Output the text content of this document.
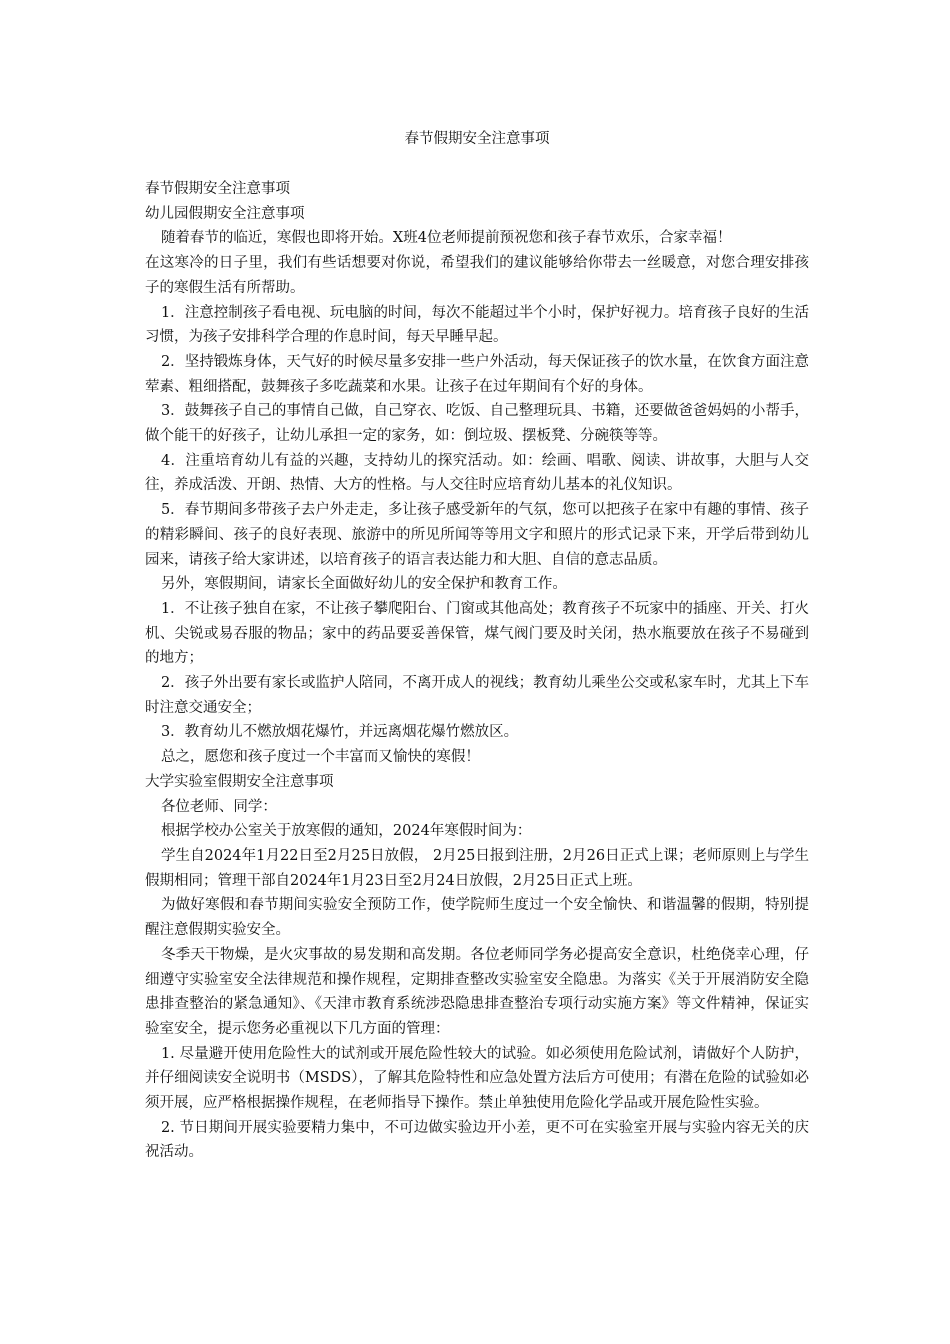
春节假期安全注意事项

春节假期安全注意事项

幼儿园假期安全注意事项

随着春节的临近，寒假也即将开始。X班4位老师提前预祝您和孩子春节欢乐，合家幸福！

在这寒冷的日子里，我们有些话想要对你说，希望我们的建议能够给你带去一丝暖意，对您合理安排孩子的寒假生活有所帮助。

1．注意控制孩子看电视、玩电脑的时间，每次不能超过半个小时，保护好视力。培育孩子良好的生活习惯，为孩子安排科学合理的作息时间，每天早睡早起。

2．坚持锻炼身体，天气好的时候尽量多安排一些户外活动，每天保证孩子的饮水量，在饮食方面注意荤素、粗细搭配，鼓舞孩子多吃蔬菜和水果。让孩子在过年期间有个好的身体。

3．鼓舞孩子自己的事情自己做，自己穿衣、吃饭、自己整理玩具、书籍，还要做爸爸妈妈的小帮手，做个能干的好孩子，让幼儿承担一定的家务，如：倒垃圾、摆板凳、分碗筷等等。

4．注重培育幼儿有益的兴趣，支持幼儿的探究活动。如：绘画、唱歌、阅读、讲故事，大胆与人交往，养成活泼、开朗、热情、大方的性格。与人交往时应培育幼儿基本的礼仪知识。

5．春节期间多带孩子去户外走走，多让孩子感受新年的气氛，您可以把孩子在家中有趣的事情、孩子的精彩瞬间、孩子的良好表现、旅游中的所见所闻等等用文字和照片的形式记录下来，开学后带到幼儿园来，请孩子给大家讲述，以培育孩子的语言表达能力和大胆、自信的意志品质。

另外，寒假期间，请家长全面做好幼儿的安全保护和教育工作。

1．不让孩子独自在家，不让孩子攀爬阳台、门窗或其他高处；教育孩子不玩家中的插座、开关、打火机、尖锐或易吞服的物品；家中的药品要妥善保管，煤气阀门要及时关闭，热水瓶要放在孩子不易碰到的地方；

2．孩子外出要有家长或监护人陪同，不离开成人的视线；教育幼儿乘坐公交或私家车时，尤其上下车时注意交通安全；

3．教育幼儿不燃放烟花爆竹，并远离烟花爆竹燃放区。

总之，愿您和孩子度过一个丰富而又愉快的寒假！

大学实验室假期安全注意事项

各位老师、同学：

根据学校办公室关于放寒假的通知，2024年寒假时间为：

学生自2024年1月22日至2月25日放假， 2月25日报到注册，2月26日正式上课；老师原则上与学生假期相同；管理干部自2024年1月23日至2月24日放假，2月25日正式上班。

为做好寒假和春节期间实验安全预防工作，使学院师生度过一个安全愉快、和谐温馨的假期，特别提醒注意假期实验安全。

冬季天干物燥，是火灾事故的易发期和高发期。各位老师同学务必提高安全意识，杜绝侥幸心理，仔细遵守实验室安全法律规范和操作规程，定期排查整改实验室安全隐患。为落实《关于开展消防安全隐患排查整治的紧急通知》、《天津市教育系统涉恐隐患排查整治专项行动实施方案》等文件精神，保证实验室安全，提示您务必重视以下几方面的管理：

1. 尽量避开使用危险性大的试剂或开展危险性较大的试验。如必须使用危险试剂，请做好个人防护，并仔细阅读安全说明书（MSDS），了解其危险特性和应急处置方法后方可使用；有潜在危险的试验如必须开展，应严格根据操作规程，在老师指导下操作。禁止单独使用危险化学品或开展危险性实验。

2. 节日期间开展实验要精力集中，不可边做实验边开小差，更不可在实验室开展与实验内容无关的庆祝活动。
